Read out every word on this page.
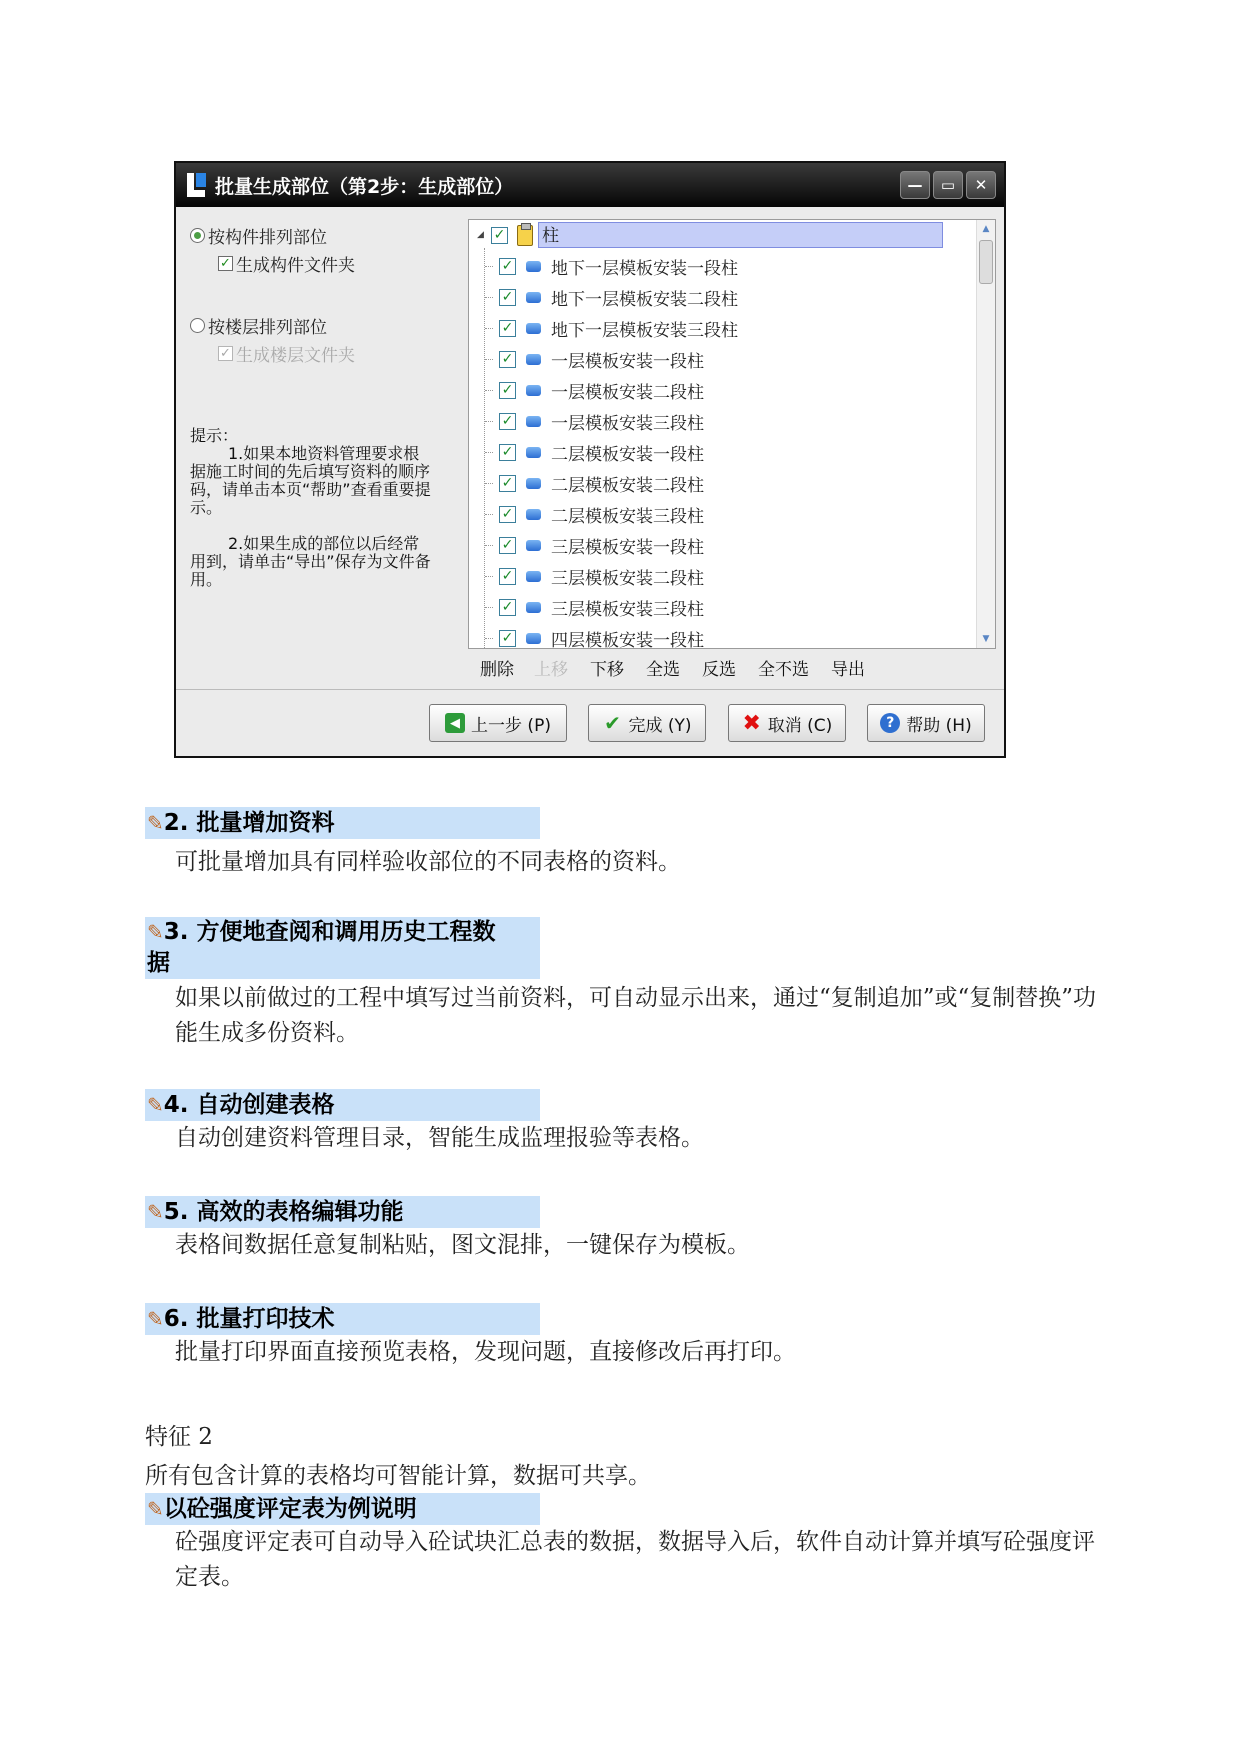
批量生成部位（第2步：生成部位）	—	▭	✕
按构件排列部位
✓ 生成构件文件夹
按楼层排列部位
✓ 生成楼层文件夹

提示：

1.如果本地资料管理要求根据施工时间的先后填写资料的顺序码，请单击本页“帮助”查看重要提示。

2.如果生成的部位以后经常用到，请单击“导出”保存为文件备用。

◢ ✓ 柱
✓ 地下一层模板安装一段柱
✓ 地下一层模板安装二段柱
✓ 地下一层模板安装三段柱
✓ 一层模板安装一段柱
✓ 一层模板安装二段柱
✓ 一层模板安装三段柱
✓ 二层模板安装一段柱
✓ 二层模板安装二段柱
✓ 二层模板安装三段柱
✓ 三层模板安装一段柱
✓ 三层模板安装二段柱
✓ 三层模板安装三段柱
✓ 四层模板安装一段柱
▲
▼
删除 上移 下移 全选 反选 全不选 导出
◀ 上一步 (P)	✔ 完成 (Y) ✖ 取消 (C)	? 帮助 (H)
✎2. 批量增加资料
可批量增加具有同样验收部位的不同表格的资料。
✎3. 方便地查阅和调用历史工程数
据
如果以前做过的工程中填写过当前资料，可自动显示出来，通过“复制追加”或“复制替换”功能生成多份资料。
✎4. 自动创建表格
自动创建资料管理目录，智能生成监理报验等表格。
✎5. 高效的表格编辑功能
表格间数据任意复制粘贴，图文混排，一键保存为模板。
✎6. 批量打印技术
批量打印界面直接预览表格，发现问题，直接修改后再打印。
特征 2
所有包含计算的表格均可智能计算，数据可共享。
✎以砼强度评定表为例说明
砼强度评定表可自动导入砼试块汇总表的数据，数据导入后，软件自动计算并填写砼强度评定表。
